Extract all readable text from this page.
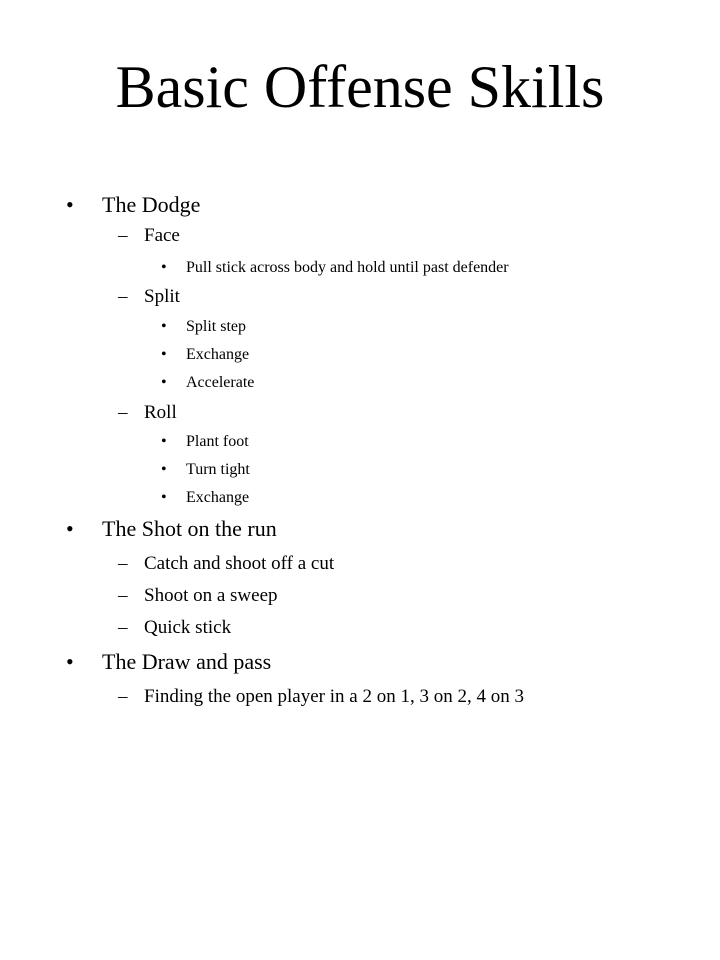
Basic Offense Skills
• The Dodge
– Face
• Pull stick across body and hold until past defender
– Split
• Split step
• Exchange
• Accelerate
– Roll
• Plant foot
• Turn tight
• Exchange
• The Shot on the run
– Catch and shoot off a cut
– Shoot on a sweep
– Quick stick
• The Draw and pass
– Finding the open player in a 2 on 1, 3 on 2, 4 on 3
